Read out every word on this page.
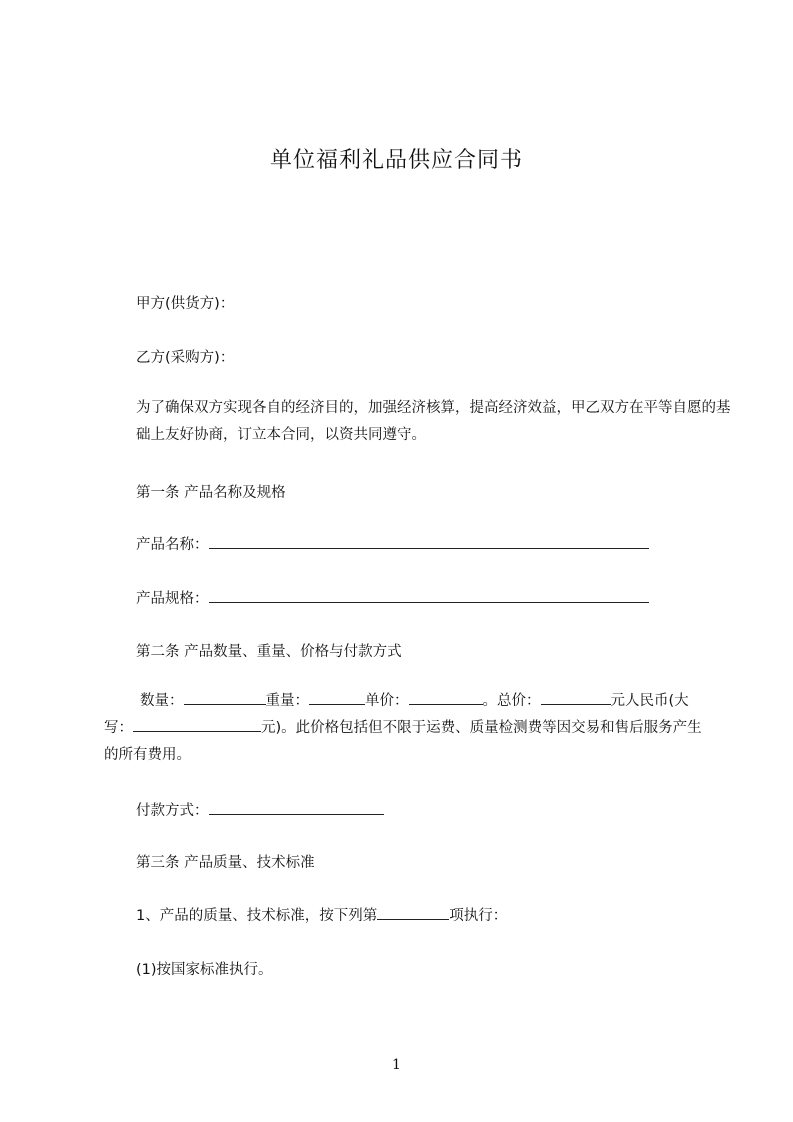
单位福利礼品供应合同书
甲方(供货方)：
乙方(采购方)：
为了确保双方实现各自的经济目的，加强经济核算，提高经济效益，甲乙双方在平等自愿的基础上友好协商，订立本合同，以资共同遵守。
第一条 产品名称及规格
产品名称：
产品规格：
第二条 产品数量、重量、价格与付款方式
数量：	重量：	单价：	。总价：	元人民币(大写：	元)。此价格包括但不限于运费、质量检测费等因交易和售后服务产生的所有费用。
付款方式：
第三条 产品质量、技术标准
1、产品的质量、技术标准，按下列第	项执行：
(1)按国家标准执行。
1
